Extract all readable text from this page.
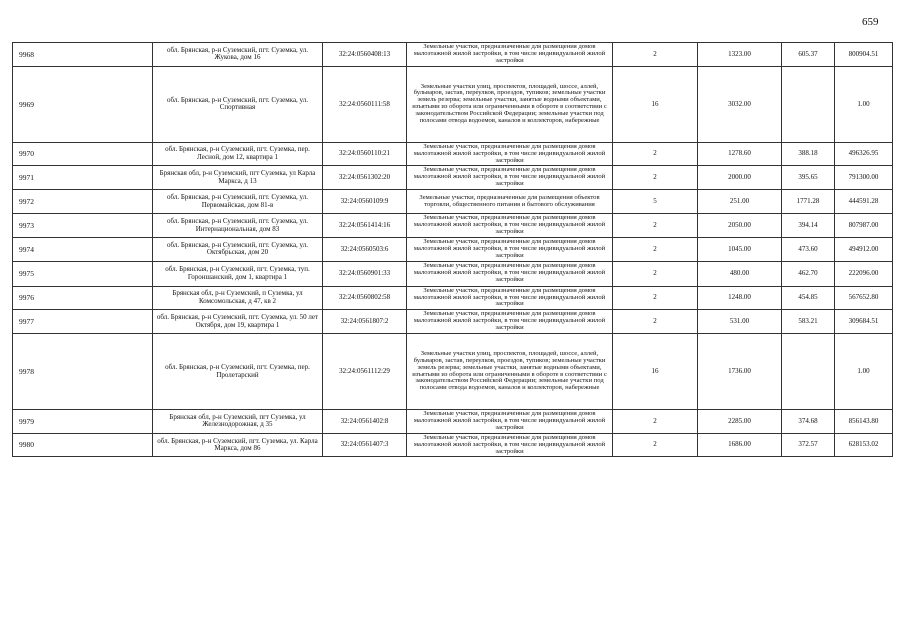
659
9968	обл. Брянская, р-н Суземский, пгт. Суземка, ул. Жукова, дом 16	32:24:0560408:13	Земельные участки, предназначенные для размещения домов малоэтажной жилой застройки, в том числе индивидуальной жилой застройки	2	1323.00	605.37	800904.51
9969	обл. Брянская, р-н Суземский, пгт. Суземка, ул. Спортивная	32:24:0560111:58	Земельные участки улиц, проспектов, площадей, шоссе, аллей, бульваров, застав, переулков, проездов, тупиков; земельные участки земель резерва; земельные участки, занятые водными объектами, изъятыми из оборота или ограниченными в обороте в соответствии с законодательством Российской Федерации; земельные участки под полосами отвода водоемов, каналов и коллекторов, набережные	16	3032.00		1.00
9970	обл. Брянская, р-н Суземский, пгт. Суземка, пер. Лесной, дом 12, квартира 1	32:24:0560110:21	Земельные участки, предназначенные для размещения домов малоэтажной жилой застройки, в том числе индивидуальной жилой застройки	2	1278.60	388.18	496326.95
9971	Брянская обл, р-н Суземский, пгт Суземка, ул Карла Маркса, д 13	32:24:0561302:20	Земельные участки, предназначенные для размещения домов малоэтажной жилой застройки, в том числе индивидуальной жилой застройки	2	2000.00	395.65	791300.00
9972	обл. Брянская, р-н Суземский, пгт. Суземка, ул. Первомайская, дом 81-в	32:24:0560109:9	Земельные участки, предназначенные для размещения объектов торговли, общественного питания и бытового обслуживания	5	251.00	1771.28	444591.28
9973	обл. Брянская, р-н Суземский, пгт. Суземка, ул. Интернациональная, дом 83	32:24:0561414:16	Земельные участки, предназначенные для размещения домов малоэтажной жилой застройки, в том числе индивидуальной жилой застройки	2	2050.00	394.14	807987.00
9974	обл. Брянская, р-н Суземский, пгт. Суземка, ул. Октябрьская, дом 20	32:24:0560503:6	Земельные участки, предназначенные для размещения домов малоэтажной жилой застройки, в том числе индивидуальной жилой застройки	2	1045.00	473.60	494912.00
9975	обл. Брянская, р-н Суземский, пгт. Суземка, туп. Гороншанский, дом 1, квартира 1	32:24:0560901:33	Земельные участки, предназначенные для размещения домов малоэтажной жилой застройки, в том числе индивидуальной жилой застройки	2	480.00	462.70	222096.00
9976	Брянская обл, р-н Суземский, п Суземка, ул Комсомольская, д 47, кв 2	32:24:0560802:58	Земельные участки, предназначенные для размещения домов малоэтажной жилой застройки, в том числе индивидуальной жилой застройки	2	1248.00	454.85	567652.80
9977	обл. Брянская, р-н Суземский, пгт. Суземка, ул. 50 лет Октября, дом 19, квартира 1	32:24:0561807:2	Земельные участки, предназначенные для размещения домов малоэтажной жилой застройки, в том числе индивидуальной жилой застройки	2	531.00	583.21	309684.51
9978	обл. Брянская, р-н Суземский, пгт. Суземка, пер. Пролетарский	32:24:0561112:29	Земельные участки улиц, проспектов, площадей, шоссе, аллей, бульваров, застав, переулков, проездов, тупиков; земельные участки земель резерва; земельные участки, занятые водными объектами, изъятыми из оборота или ограниченными в обороте в соответствии с законодательством Российской Федерации; земельные участки под полосами отвода водоемов, каналов и коллекторов, набережные	16	1736.00		1.00
9979	Брянская обл, р-н Суземский, пгт Суземка, ул Железнодорожная, д 35	32:24:0561402:8	Земельные участки, предназначенные для размещения домов малоэтажной жилой застройки, в том числе индивидуальной жилой застройки	2	2285.00	374.68	856143.80
9980	обл. Брянская, р-н Суземский, пгт. Суземка, ул. Карла Маркса, дом 86	32:24:0561407:3	Земельные участки, предназначенные для размещения домов малоэтажной жилой застройки, в том числе индивидуальной жилой застройки	2	1686.00	372.57	628153.02
